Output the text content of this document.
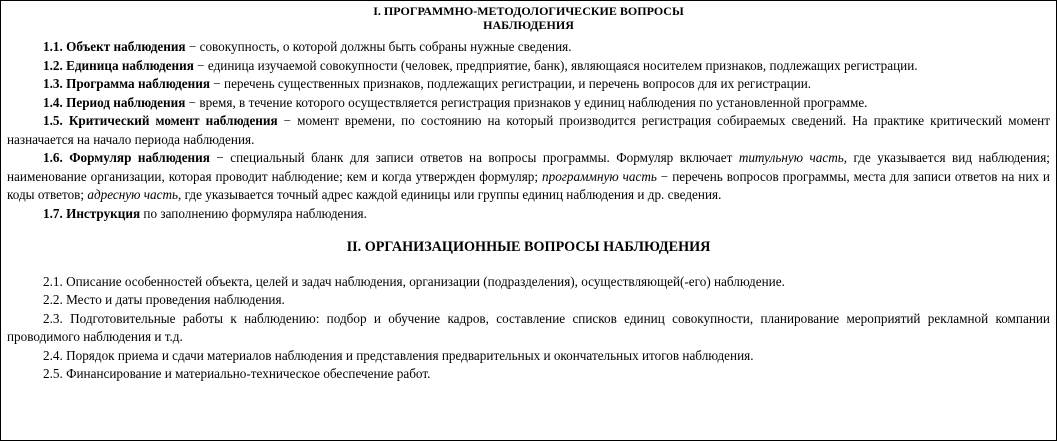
I. ПРОГРАММНО-МЕТОДОЛОГИЧЕСКИЕ ВОПРОСЫ
НАБЛЮДЕНИЯ

1.1. Объект наблюдения − совокупность, о которой должны быть собраны нужные сведения.

1.2. Единица наблюдения − единица изучаемой совокупности (человек, предприятие, банк), являющаяся носителем признаков, подлежащих регистрации.

1.3. Программа наблюдения − перечень существенных признаков, подлежащих регистрации, и перечень вопросов для их регистрации.

1.4. Период наблюдения − время, в течение которого осуществляется регистрация признаков у единиц наблюдения по установленной программе.

1.5. Критический момент наблюдения − момент времени, по состоянию на который производится регистрация собираемых сведений. На практике критический момент назначается на начало периода наблюдения.

1.6. Формуляр наблюдения − специальный бланк для записи ответов на вопросы программы. Формуляр включает титульную часть, где указывается вид наблюдения; наименование организации, которая проводит наблюдение; кем и когда утвержден формуляр; программную часть − перечень вопросов программы, места для записи ответов на них и коды ответов; адресную часть, где указывается точный адрес каждой единицы или группы единиц наблюдения и др. сведения.

1.7. Инструкция по заполнению формуляра наблюдения.

II. ОРГАНИЗАЦИОННЫЕ ВОПРОСЫ НАБЛЮДЕНИЯ

2.1. Описание особенностей объекта, целей и задач наблюдения, организации (подразделения), осуществляющей(-его) наблюдение.

2.2. Место и даты проведения наблюдения.

2.3. Подготовительные работы к наблюдению: подбор и обучение кадров, составление списков единиц совокупности, планирование мероприятий рекламной компании проводимого наблюдения и т.д.

2.4. Порядок приема и сдачи материалов наблюдения и представления предварительных и окончательных итогов наблюдения.

2.5. Финансирование и материально-техническое обеспечение работ.
